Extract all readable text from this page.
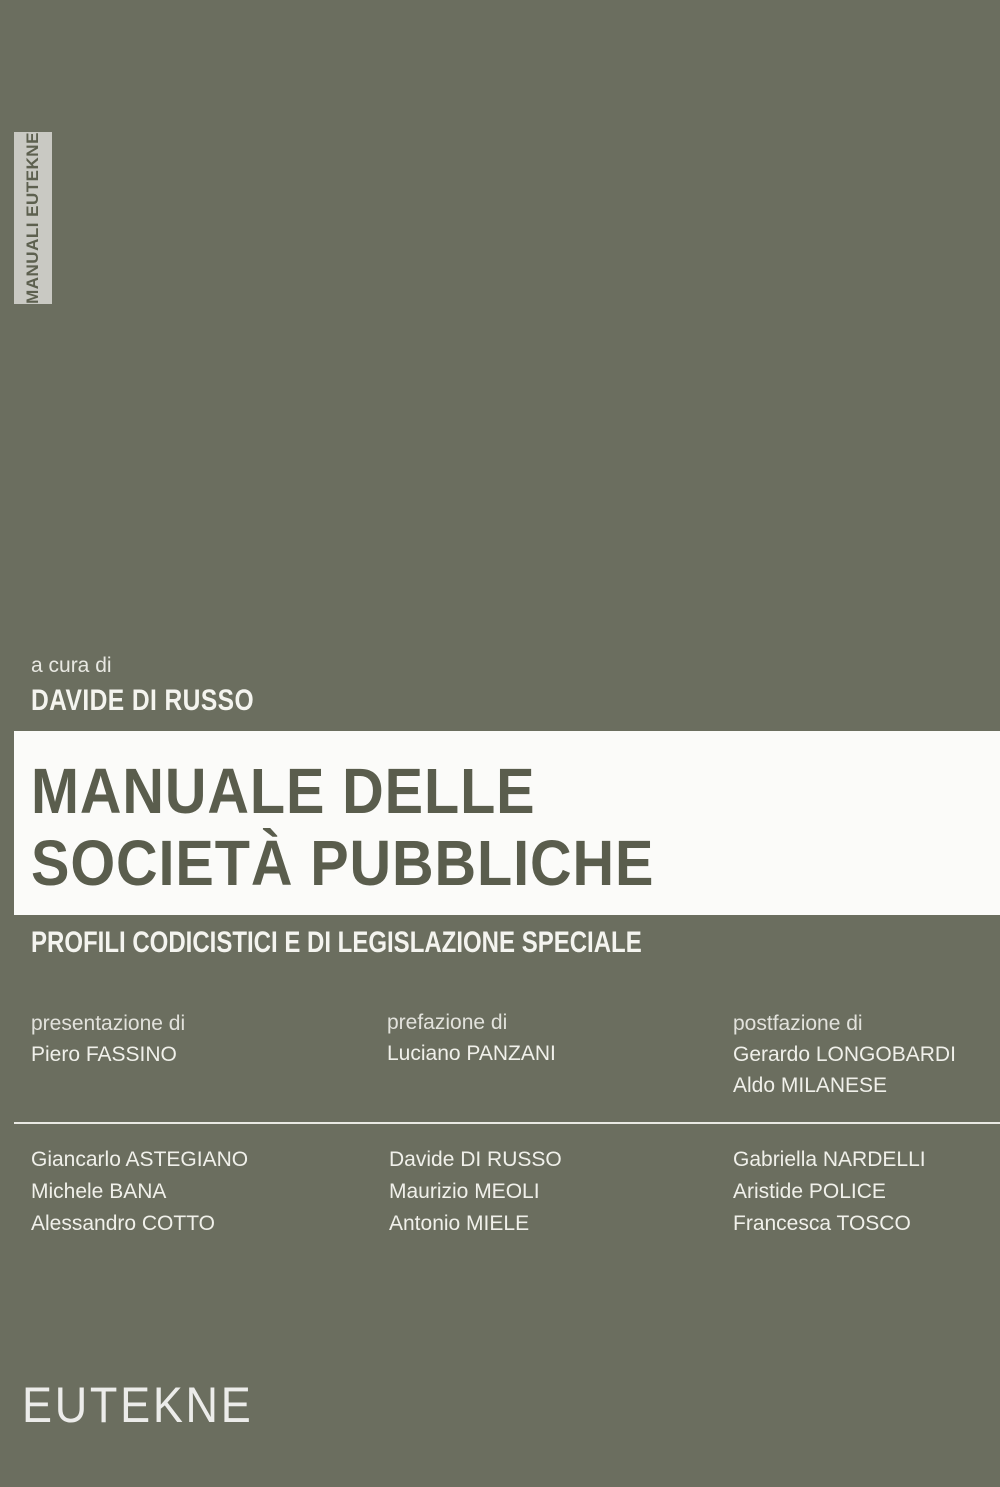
MANUALI EUTEKNE
a cura di
DAVIDE DI RUSSO
MANUALE DELLE
SOCIETÀ PUBBLICHE
PROFILI CODICISTICI E DI LEGISLAZIONE SPECIALE
presentazione di
Piero FASSINO
prefazione di
Luciano PANZANI
postfazione di
Gerardo LONGOBARDI
Aldo MILANESE
Giancarlo ASTEGIANO
Michele BANA
Alessandro COTTO
Davide DI RUSSO
Maurizio MEOLI
Antonio MIELE
Gabriella NARDELLI
Aristide POLICE
Francesca TOSCO
EUTEKNE
